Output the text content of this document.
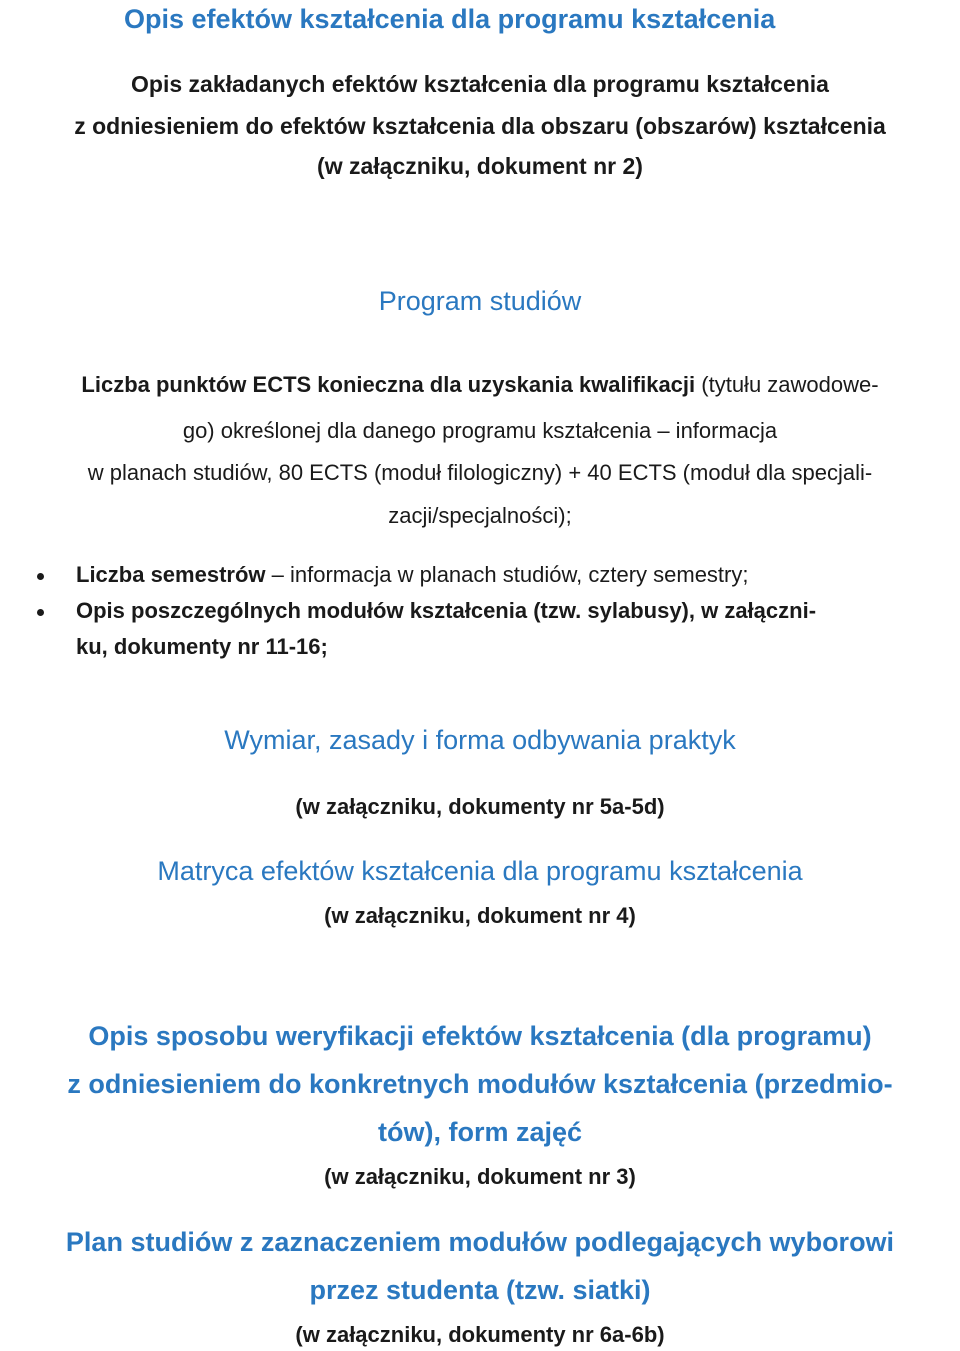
Opis efektów kształcenia dla programu kształcenia
Opis zakładanych efektów kształcenia dla programu kształcenia
z odniesieniem do efektów kształcenia dla obszaru (obszarów) kształcenia
(w załączniku, dokument nr 2)
Program studiów
Liczba punktów ECTS konieczna dla uzyskania kwalifikacji (tytułu zawodowe-
go) określonej dla danego programu kształcenia – informacja
w planach studiów, 80 ECTS (moduł filologiczny) + 40 ECTS (moduł dla specjali-
zacji/specjalności);
Liczba semestrów – informacja w planach studiów, cztery semestry;
Opis poszczególnych modułów kształcenia (tzw. sylabusy), w załączni-
ku, dokumenty nr 11-16;
Wymiar, zasady i forma odbywania praktyk
(w załączniku, dokumenty nr 5a-5d)
Matryca efektów kształcenia dla programu kształcenia
(w załączniku, dokument nr 4)
Opis sposobu weryfikacji efektów kształcenia (dla programu)
z odniesieniem do konkretnych modułów kształcenia (przedmio-
tów), form zajęć
(w załączniku, dokument nr 3)
Plan studiów z zaznaczeniem modułów podlegających wyborowi
przez studenta (tzw. siatki)
(w załączniku, dokumenty nr 6a-6b)
